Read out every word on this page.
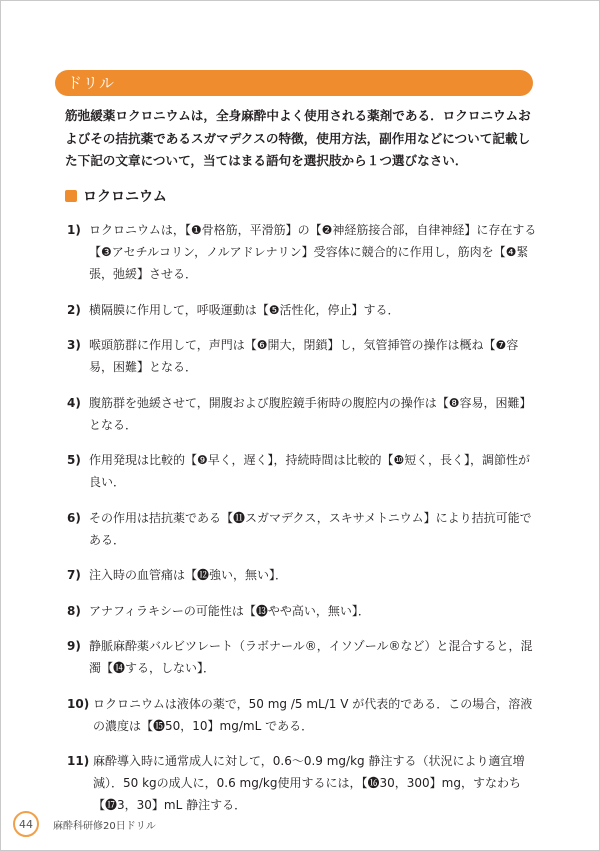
ドリル
筋弛緩薬ロクロニウムは，全身麻酔中よく使用される薬剤である．ロクロニウムおよびその拮抗薬であるスガマデクスの特徴，使用方法，副作用などについて記載した下記の文章について，当てはまる語句を選択肢から１つ選びなさい．
ロクロニウム
1) ロクロニウムは，【❶骨格筋，平滑筋】の【❷神経筋接合部，自律神経】に存在する【❸アセチルコリン，ノルアドレナリン】受容体に競合的に作用し，筋肉を【❹緊張，弛緩】させる．
2) 横隔膜に作用して，呼吸運動は【❺活性化，停止】する．
3) 喉頭筋群に作用して，声門は【❻開大，閉鎖】し，気管挿管の操作は概ね【❼容易，困難】となる．
4) 腹筋群を弛緩させて，開腹および腹腔鏡手術時の腹腔内の操作は【❽容易，困難】となる．
5) 作用発現は比較的【❾早く，遅く】，持続時間は比較的【❿短く，長く】，調節性が良い．
6) その作用は拮抗薬である【⓫スガマデクス，スキサメトニウム】により拮抗可能である．
7) 注入時の血管痛は【⓬強い，無い】．
8) アナフィラキシーの可能性は【⓭やや高い，無い】．
9) 静脈麻酔薬バルビツレート（ラボナール®，イソゾール®など）と混合すると，混濁【⓮する，しない】．
10) ロクロニウムは液体の薬で，50 mg /5 mL/1 V が代表的である．この場合，溶液の濃度は【⓯50，10】mg/mL である．
11) 麻酔導入時に通常成人に対して，0.6～0.9 mg/kg 静注する（状況により適宜増減）．50 kgの成人に，0.6 mg/kg使用するには，【⓰30，300】mg，すなわち【⓱3，30】mL 静注する．
44	麻酔科研修20日ドリル
